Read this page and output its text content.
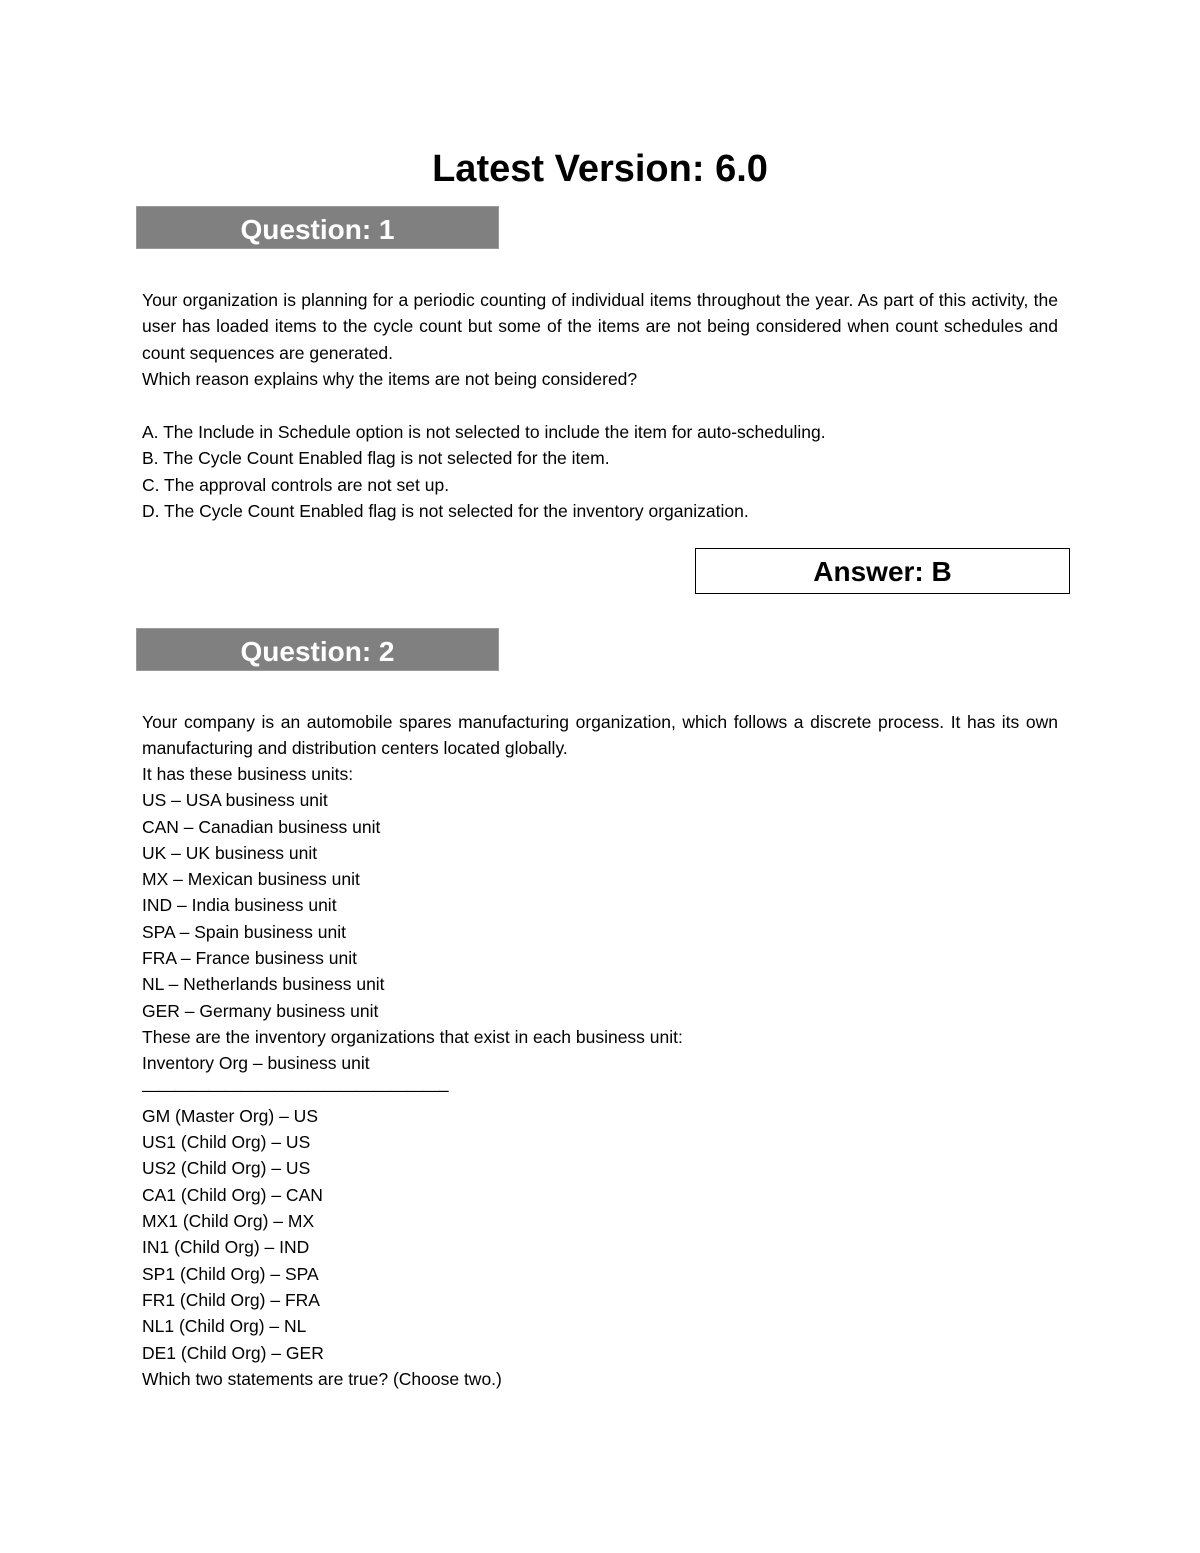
Latest Version: 6.0
Question: 1
Your organization is planning for a periodic counting of individual items throughout the year. As part of this activity, the user has loaded items to the cycle count but some of the items are not being considered when count schedules and count sequences are generated.
Which reason explains why the items are not being considered?
A. The Include in Schedule option is not selected to include the item for auto-scheduling.
B. The Cycle Count Enabled flag is not selected for the item.
C. The approval controls are not set up.
D. The Cycle Count Enabled flag is not selected for the inventory organization.
Answer: B
Question: 2
Your company is an automobile spares manufacturing organization, which follows a discrete process. It has its own manufacturing and distribution centers located globally.
It has these business units:
US – USA business unit
CAN – Canadian business unit
UK – UK business unit
MX – Mexican business unit
IND – India business unit
SPA – Spain business unit
FRA – France business unit
NL – Netherlands business unit
GER – Germany business unit
These are the inventory organizations that exist in each business unit:
Inventory Org – business unit
——————————————————–
GM (Master Org) – US
US1 (Child Org) – US
US2 (Child Org) – US
CA1 (Child Org) – CAN
MX1 (Child Org) – MX
IN1 (Child Org) – IND
SP1 (Child Org) – SPA
FR1 (Child Org) – FRA
NL1 (Child Org) – NL
DE1 (Child Org) – GER
Which two statements are true? (Choose two.)
